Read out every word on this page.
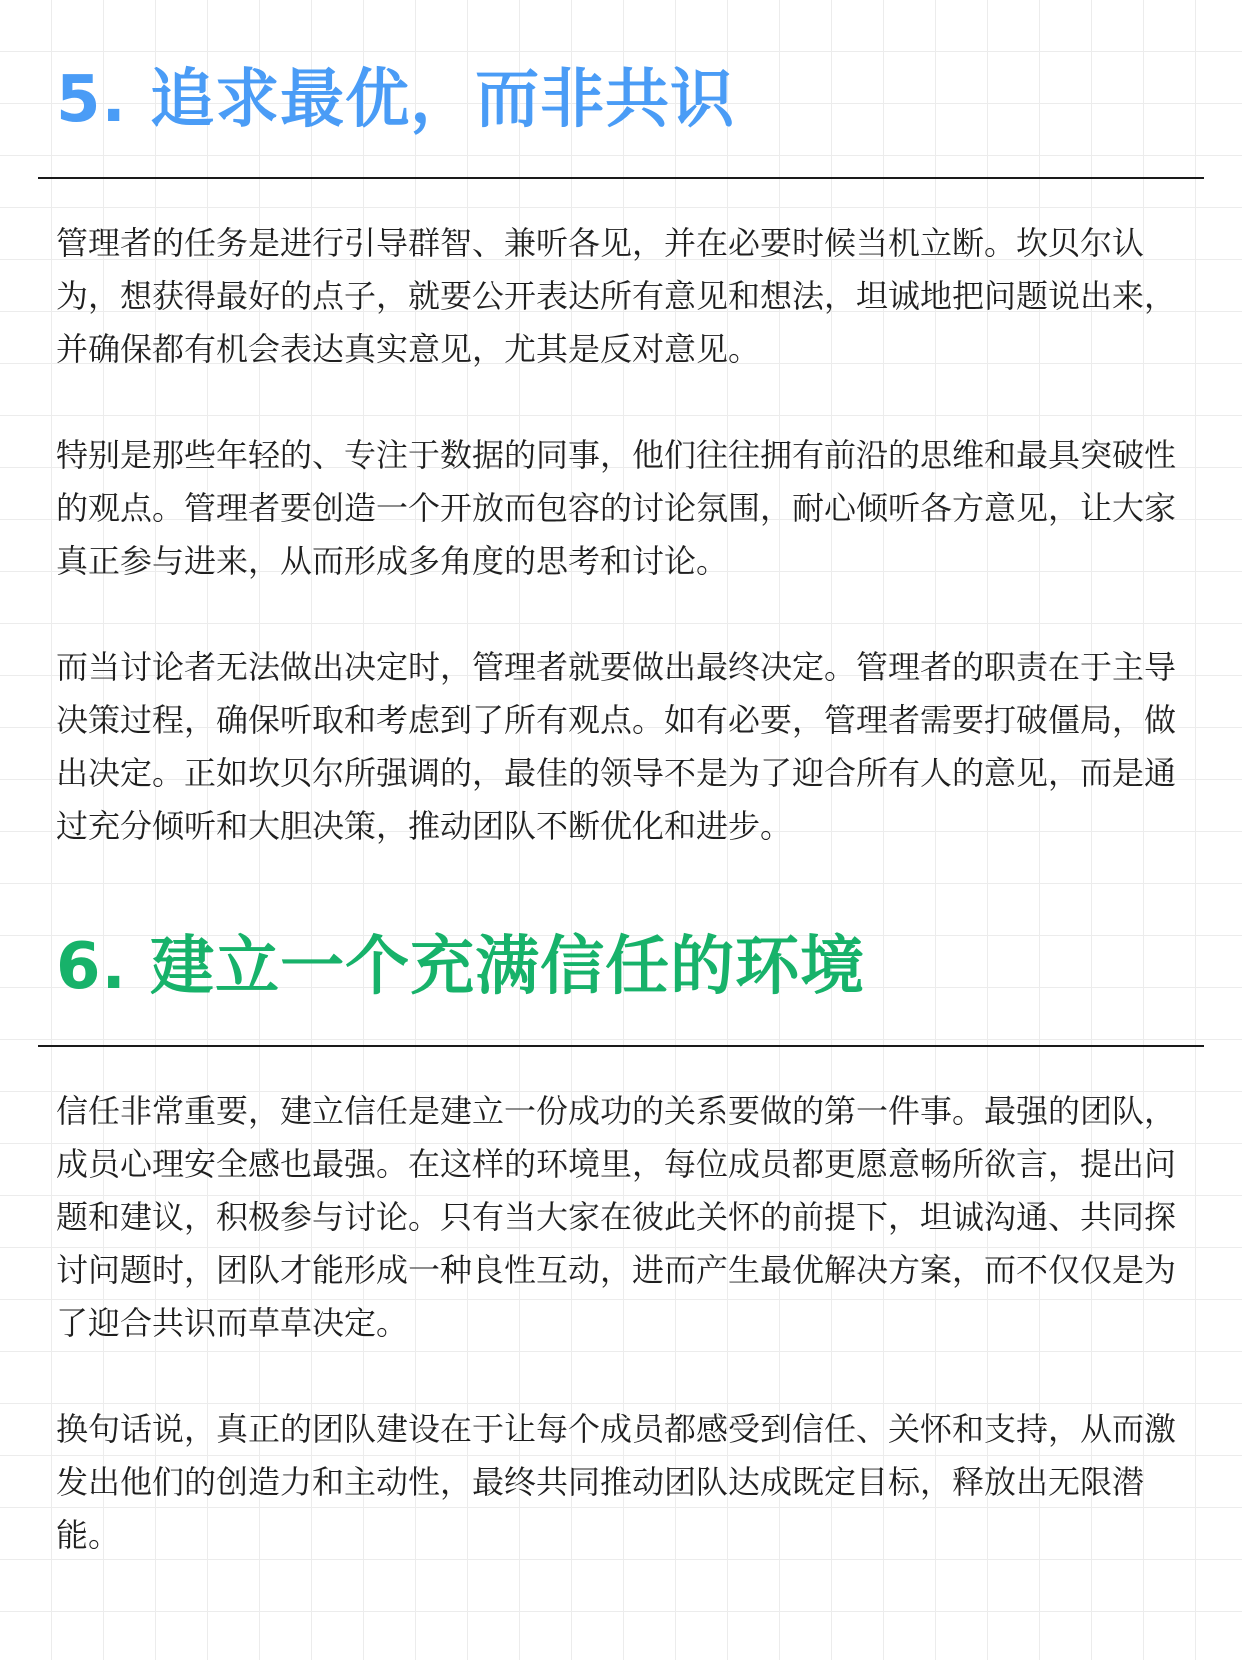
5. 追求最优，而非共识

管理者的任务是进行引导群智、兼听各见，并在必要时候当机立断。坎贝尔认为，想获得最好的点子，就要公开表达所有意见和想法，坦诚地把问题说出来，并确保都有机会表达真实意见，尤其是反对意见。

特别是那些年轻的、专注于数据的同事，他们往往拥有前沿的思维和最具突破性的观点。管理者要创造一个开放而包容的讨论氛围，耐心倾听各方意见，让大家真正参与进来，从而形成多角度的思考和讨论。

而当讨论者无法做出决定时，管理者就要做出最终决定。管理者的职责在于主导决策过程，确保听取和考虑到了所有观点。如有必要，管理者需要打破僵局，做出决定。正如坎贝尔所强调的，最佳的领导不是为了迎合所有人的意见，而是通过充分倾听和大胆决策，推动团队不断优化和进步。

6. 建立一个充满信任的环境

信任非常重要，建立信任是建立一份成功的关系要做的第一件事。最强的团队，成员心理安全感也最强。在这样的环境里，每位成员都更愿意畅所欲言，提出问题和建议，积极参与讨论。只有当大家在彼此关怀的前提下，坦诚沟通、共同探讨问题时，团队才能形成一种良性互动，进而产生最优解决方案，而不仅仅是为了迎合共识而草草决定。

换句话说，真正的团队建设在于让每个成员都感受到信任、关怀和支持，从而激发出他们的创造力和主动性，最终共同推动团队达成既定目标，释放出无限潜能。
